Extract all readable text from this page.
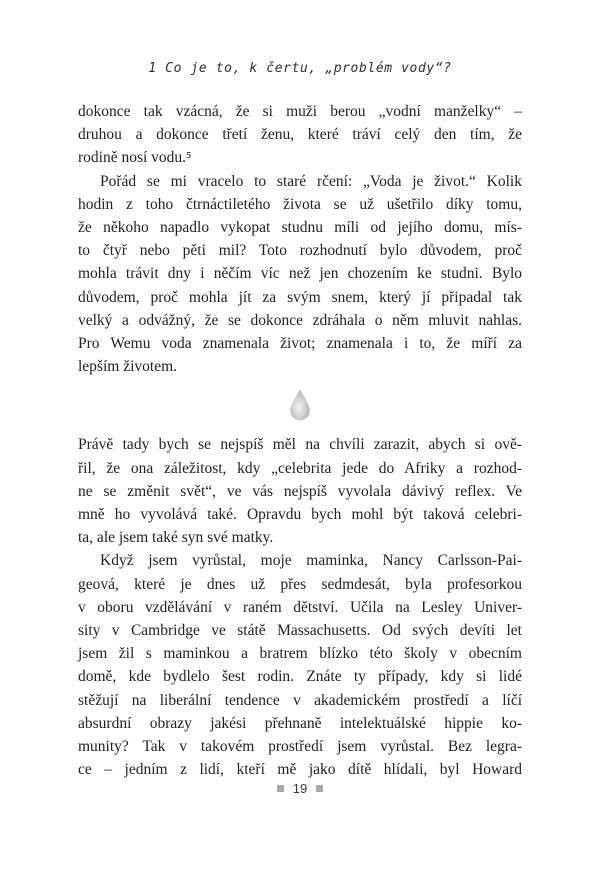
1 Co je to, k čertu, „problém vody“?
dokonce tak vzácná, že si muži berou „vodní manželky“ –
druhou a dokonce třetí ženu, které tráví celý den tím, že
rodině nosí vodu.⁵
Pořád se mi vracelo to staré rčení: „Voda je život.“ Kolik
hodin z toho čtrnáctiletého života se už ušetřilo díky tomu,
že někoho napadlo vykopat studnu míli od jejího domu, mís-
to čtyř nebo pěti mil? Toto rozhodnutí bylo důvodem, proč
mohla trávit dny i něčím víc než jen chozením ke studni. Bylo
důvodem, proč mohla jít za svým snem, který jí připadal tak
velký a odvážný, že se dokonce zdráhala o něm mluvit nahlas.
Pro Wemu voda znamenala život; znamenala i to, že míří za
lepším životem.
Právě tady bych se nejspíš měl na chvíli zarazit, abych si ově-
řil, že ona záležitost, kdy „celebrita jede do Afriky a rozhod-
ne se změnit svět“, ve vás nejspíš vyvolala dávivý reflex. Ve
mně ho vyvolává také. Opravdu bych mohl být taková celebri-
ta, ale jsem také syn své matky.
Když jsem vyrůstal, moje maminka, Nancy Carlsson-Pai-
geová, které je dnes už přes sedmdesát, byla profesorkou
v oboru vzdělávání v raném dětství. Učila na Lesley Univer-
sity v Cambridge ve státě Massachusetts. Od svých devíti let
jsem žil s maminkou a bratrem blízko této školy v obecním
domě, kde bydlelo šest rodin. Znáte ty případy, kdy si lidé
stěžují na liberální tendence v akademickém prostředí a líčí
absurdní obrazy jakési přehnaně intelektuálské hippie ko-
munity? Tak v takovém prostředí jsem vyrůstal. Bez legra-
ce – jedním z lidí, kteří mě jako dítě hlídali, byl Howard
19
